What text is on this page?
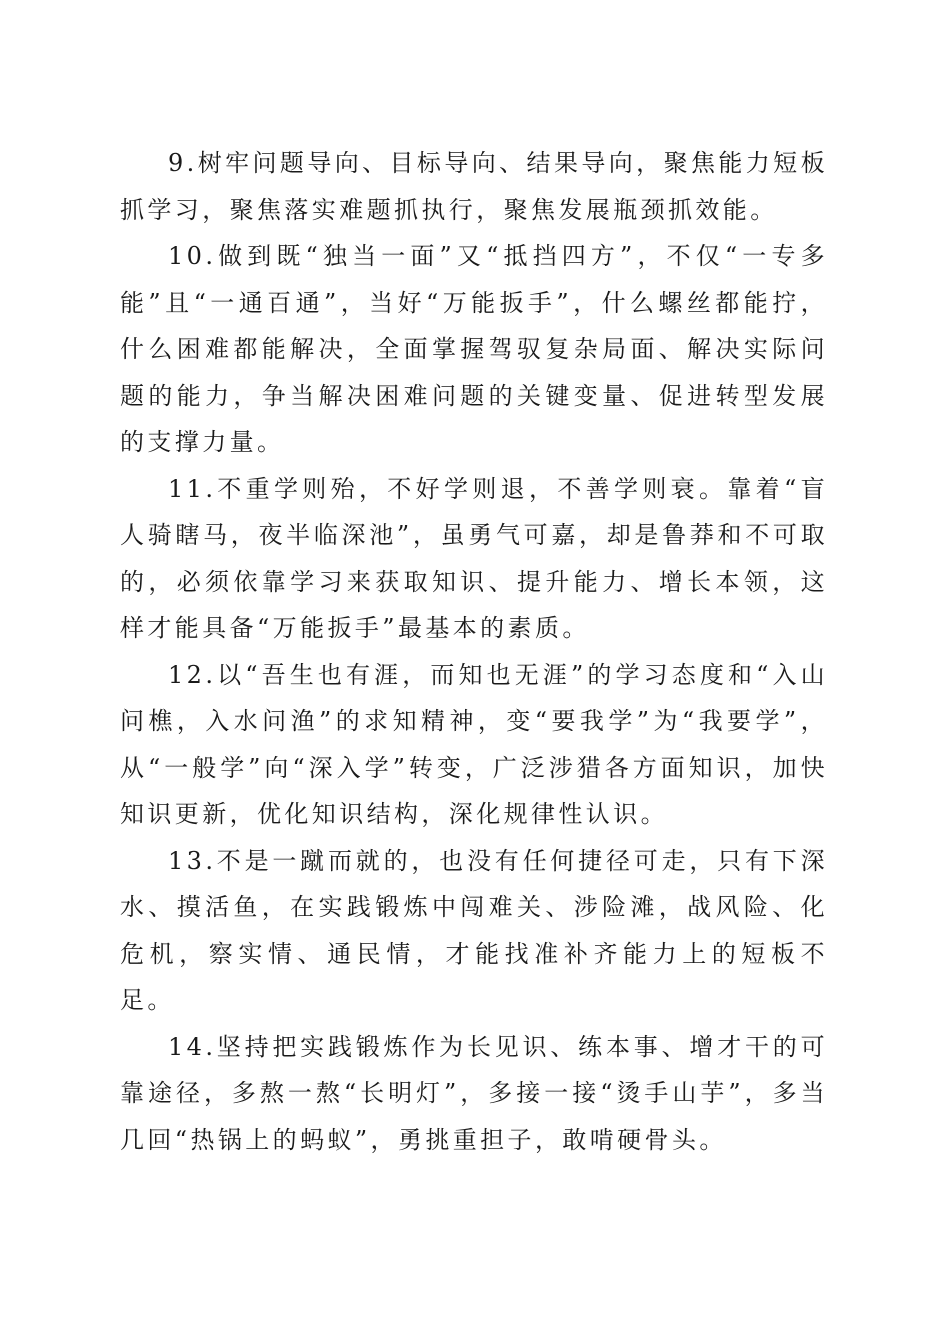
9.树牢问题导向、目标导向、结果导向，聚焦能力短板抓学习，聚焦落实难题抓执行，聚焦发展瓶颈抓效能。

10.做到既“独当一面”又“抵挡四方”，不仅“一专多能”且“一通百通”，当好“万能扳手”，什么螺丝都能拧，什么困难都能解决，全面掌握驾驭复杂局面、解决实际问题的能力，争当解决困难问题的关键变量、促进转型发展的支撑力量。

11.不重学则殆，不好学则退，不善学则衰。靠着“盲人骑瞎马，夜半临深池”，虽勇气可嘉，却是鲁莽和不可取的，必须依靠学习来获取知识、提升能力、增长本领，这样才能具备“万能扳手”最基本的素质。

12.以“吾生也有涯，而知也无涯”的学习态度和“入山问樵，入水问渔”的求知精神，变“要我学”为“我要学”，从“一般学”向“深入学”转变，广泛涉猎各方面知识，加快知识更新，优化知识结构，深化规律性认识。

13.不是一蹴而就的，也没有任何捷径可走，只有下深水、摸活鱼，在实践锻炼中闯难关、涉险滩，战风险、化危机，察实情、通民情，才能找准补齐能力上的短板不足。

14.坚持把实践锻炼作为长见识、练本事、增才干的可靠途径，多熬一熬“长明灯”，多接一接“烫手山芋”，多当几回“热锅上的蚂蚁”，勇挑重担子，敢啃硬骨头。
